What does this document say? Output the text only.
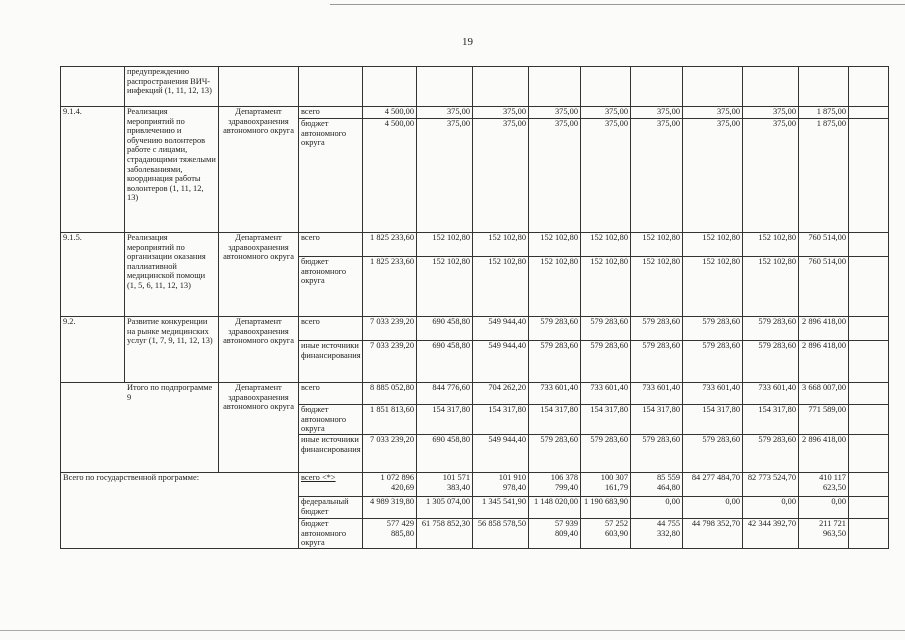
19
	предупреждению распространения ВИЧ-инфекций (1, 11, 12, 13)												
9.1.4.	Реализация мероприятий по привлечению и обучению волонтеров работе с лицами, страдающими тяжелыми заболеваниями, координация работы волонтеров (1, 11, 12, 13)	Департамент здравоохранения автономного округа	всего	4 500,00	375,00	375,00	375,00	375,00	375,00	375,00	375,00	1 875,00	
			бюджет автономного округа	4 500,00	375,00	375,00	375,00	375,00	375,00	375,00	375,00	1 875,00	
9.1.5.	Реализация мероприятий по организации оказания паллиативной медицинской помощи (1, 5, 6, 11, 12, 13)	Департамент здравоохранения автономного округа	всего	1 825 233,60	152 102,80	152 102,80	152 102,80	152 102,80	152 102,80	152 102,80	152 102,80	760 514,00	
			бюджет автономного округа	1 825 233,60	152 102,80	152 102,80	152 102,80	152 102,80	152 102,80	152 102,80	152 102,80	760 514,00	
9.2.	Развитие конкуренции на рынке медицинских услуг (1, 7, 9, 11, 12, 13)	Департамент здравоохранения автономного округа	всего	7 033 239,20	690 458,80	549 944,40	579 283,60	579 283,60	579 283,60	579 283,60	579 283,60	2 896 418,00	
			иные источники финансирования	7 033 239,20	690 458,80	549 944,40	579 283,60	579 283,60	579 283,60	579 283,60	579 283,60	2 896 418,00	

Итого по подпрограмме 9		Департамент здравоохранения автономного округа	всего	8 885 052,80	844 776,60	704 262,20	733 601,40	733 601,40	733 601,40	733 601,40	733 601,40	3 668 007,00	
			бюджет автономного округа	1 851 813,60	154 317,80	154 317,80	154 317,80	154 317,80	154 317,80	154 317,80	154 317,80	771 589,00	
			иные источники финансирования	7 033 239,20	690 458,80	549 944,40	579 283,60	579 283,60	579 283,60	579 283,60	579 283,60	2 896 418,00	
Всего по государственной программе:			всего <*>	1 072 896 420,69	101 571 383,40	101 910 978,40	106 378 799,40	100 307 161,79	85 559 464,80	84 277 484,70	82 773 524,70	410 117 623,50	
			федеральный бюджет	4 989 319,80	1 305 074,00	1 345 541,90	1 148 020,00	1 190 683,90	0,00	0,00	0,00	0,00	
			бюджет автономного округа	577 429 885,80	61 758 852,30	56 858 578,50	57 939 809,40	57 252 603,90	44 755 332,80	44 798 352,70	42 344 392,70	211 721 963,50	
